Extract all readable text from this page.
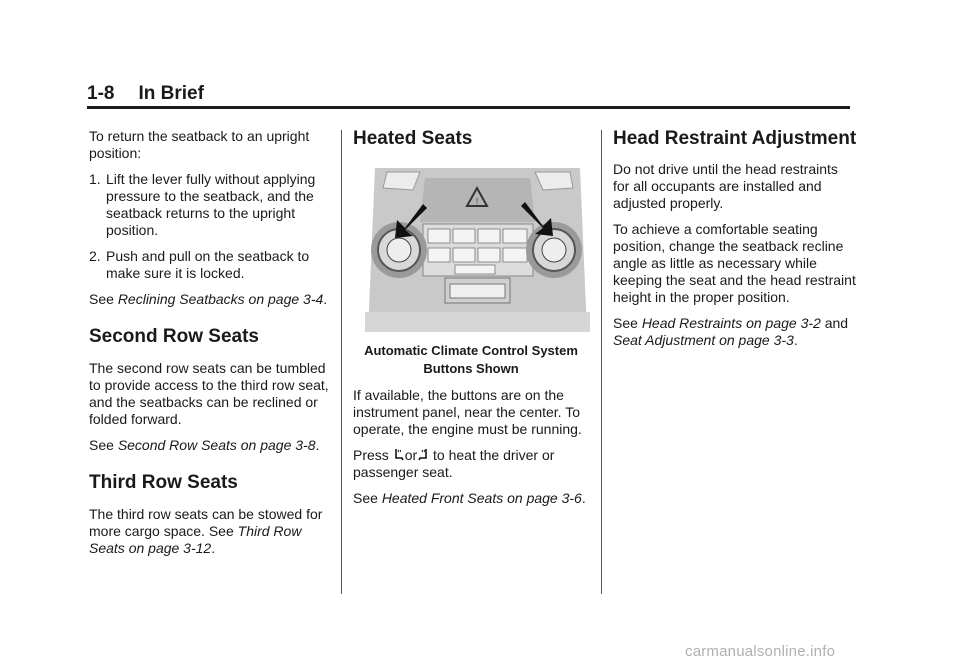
1-8 In Brief

To return the seatback to an upright position:

1. Lift the lever fully without applying pressure to the seatback, and the seatback returns to the upright position.
2. Push and pull on the seatback to make sure it is locked.

See Reclining Seatbacks on page 3-4.

Second Row Seats

The second row seats can be tumbled to provide access to the third row seat, and the seatbacks can be reclined or folded forward.

See Second Row Seats on page 3-8.

Third Row Seats

The third row seats can be stowed for more cargo space. See Third Row Seats on page 3-12.

Heated Seats
!
Automatic Climate Control System Buttons Shown

If available, the buttons are on the instrument panel, near the center. To operate, the engine must be running.

Press or to heat the driver or passenger seat.

See Heated Front Seats on page 3-6.

Head Restraint Adjustment

Do not drive until the head restraints for all occupants are installed and adjusted properly.

To achieve a comfortable seating position, change the seatback recline angle as little as necessary while keeping the seat and the head restraint height in the proper position.

See Head Restraints on page 3-2 and Seat Adjustment on page 3-3.

carmanualsonline.info
